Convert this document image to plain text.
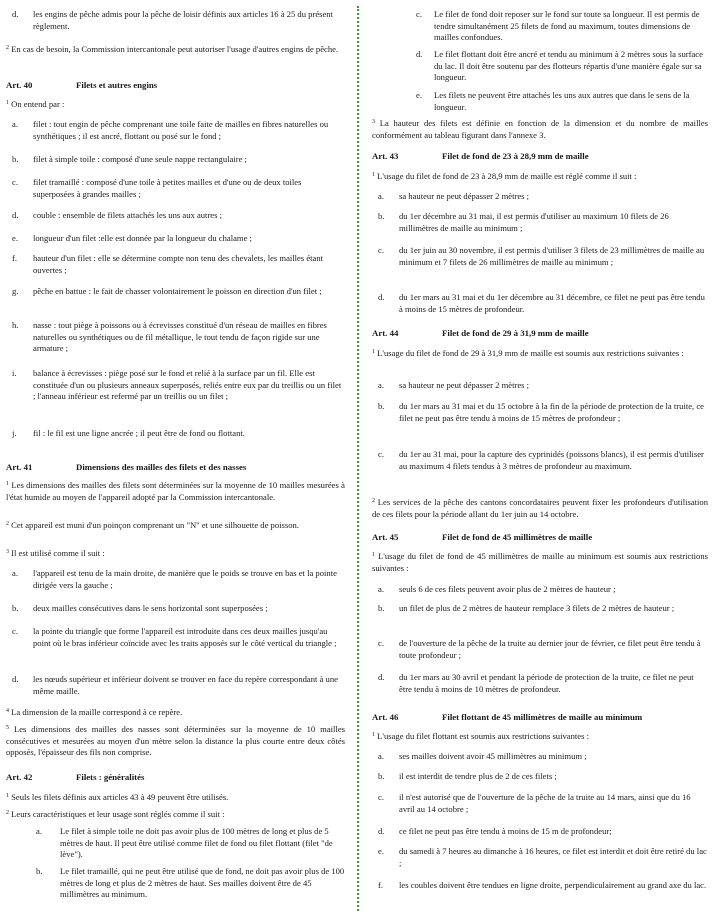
d.	les engins de pêche admis pour la pêche de loisir définis aux articles 16 à 25 du présent règlement.
$^2$ En cas de besoin, la Commission intercantonale peut autoriser l'usage d'autres engins de pêche.
Art. 40	Filets et autres engins
$^1$ On entend par :
a.	filet : tout engin de pêche comprenant une toile faite de mailles en fibres naturelles ou synthétiques ; il est ancré, flottant ou posé sur le fond ;
b.	filet à simple toile : composé d'une seule nappe rectangulaire ;
c.	filet tramaillé : composé d'une toile à petites mailles et d'une ou de deux toiles superposées à grandes mailles ;
d.	couble : ensemble de filets attachés les uns aux autres ;
e.	longueur d'un filet :elle est donnée par la longueur du chalame ;
f.	hauteur d'un filet : elle se détermine compte non tenu des chevalets, les mailles étant ouvertes ;
g.	pêche en battue : le fait de chasser volontairement le poisson en direction d'un filet ;
h.	nasse : tout piège à poissons ou à écrevisses constitué d'un réseau de mailles en fibres naturelles ou synthétiques ou de fil métallique, le tout tendu de façon rigide sur une armature ;
i.	balance à écrevisses : piège posé sur le fond et relié à la surface par un fil. Elle est constituée d'un ou plusieurs anneaux superposés, reliés entre eux par du treillis ou un filet ; l'anneau inférieur est refermé par un treillis ou un filet ;
j.	fil : le fil est une ligne ancrée ; il peut être de fond ou flottant.
Art. 41	Dimensions des mailles des filets et des nasses
$^1$ Les dimensions des mailles des filets sont déterminées sur la moyenne de 10 mailles mesurées à l'état humide au moyen de l'appareil adopté par la Commission intercantonale.
$^2$ Cet appareil est muni d'un poinçon comprenant un "N" et une silhouette de poisson.
$^3$ Il est utilisé comme il suit :
a.	l'appareil est tenu de la main droite, de manière que le poids se trouve en bas et la pointe dirigée vers la gauche ;
b.	deux mailles consécutives dans le sens horizontal sont superposées ;
c.	la pointe du triangle que forme l'appareil est introduite dans ces deux mailles jusqu'au point où le bras inférieur coïncide avec les traits apposés sur le côté vertical du triangle ;
d.	les nœuds supérieur et inférieur doivent se trouver en face du repère correspondant à une même maille.
$^4$ La dimension de la maille correspond à ce repère.
$^5$ Les dimensions des mailles des nasses sont déterminées sur la moyenne de 10 mailles consécutives et mesurées au moyen d'un mètre selon la distance la plus courte entre deux côtés opposés, l'épaisseur des fils non comprise.
Art. 42	Filets : généralités
$^1$ Seuls les filets définis aux articles 43 à 49 peuvent être utilisés.
$^2$ Leurs caractéristiques et leur usage sont réglés comme il suit :
a.	Le filet à simple toile ne doit pas avoir plus de 100 mètres de long et plus de 5 mètres de haut. Il peut être utilisé comme filet de fond ou filet flottant (filet "de lève").
b.	Le filet tramaillé, qui ne peut être utilisé que de fond, ne doit pas avoir plus de 100 mètres de long et plus de 2 mètres de haut. Ses mailles doivent être de 45 millimètres au minimum.
c.	Le filet de fond doit reposer sur le fond sur toute sa longueur. Il est permis de tendre simultanément 25 filets de fond au maximum, toutes dimensions de mailles confondues.
d.	Le filet flottant doit être ancré et tendu au minimum à 2 mètres sous la surface du lac. Il doit être soutenu par des flotteurs répartis d'une manière égale sur sa longueur.
e.	Les filets ne peuvent être attachés les uns aux autres que dans le sens de la longueur.
$^3$ La hauteur des filets est définie en fonction de la dimension et du nombre de mailles conformément au tableau figurant dans l'annexe 3.
Art. 43	Filet de fond de 23 à 28,9 mm de maille
$^1$ L'usage du filet de fond de 23 à 28,9 mm de maille est réglé comme il suit :
a.	sa hauteur ne peut dépasser 2 mètres ;
b.	du 1er décembre au 31 mai, il est permis d'utiliser au maximum 10 filets de 26 millimètres de maille au minimum ;
c.	du 1er juin au 30 novembre, il est permis d'utiliser 3 filets de 23 millimètres de maille au minimum et 7 filets de 26 millimètres de maille au minimum ;
d.	du 1er mars au 31 mai et du 1er décembre au 31 décembre, ce filet ne peut pas être tendu à moins de 15 mètres de profondeur.
Art. 44	Filet de fond de 29 à 31,9 mm de maille
$^1$ L'usage du filet de fond de 29 à 31,9 mm de maille est soumis aux restrictions suivantes :
a.	sa hauteur ne peut dépasser 2 mètres ;
b.	du 1er mars au 31 mai et du 15 octobre à la fin de la période de protection de la truite, ce filet ne peut pas être tendu à moins de 15 mètres de profondeur ;
c.	du 1er au 31 mai, pour la capture des cyprinidés (poissons blancs), il est permis d'utiliser au maximum 4 filets tendus à 3 mètres de profondeur au maximum.
$^2$ Les services de la pêche des cantons concordataires peuvent fixer les profondeurs d'utilisation de ces filets pour la période allant du 1er juin au 14 octobre.
Art. 45	Filet de fond de 45 millimètres de maille
$^1$ L'usage du filet de fond de 45 millimètres de maille au minimum est soumis aux restrictions suivantes :
a.	seuls 6 de ces filets peuvent avoir plus de 2 mètres de hauteur ;
b.	un filet de plus de 2 mètres de hauteur remplace 3 filets de 2 mètres de hauteur ;
c.	de l'ouverture de la pêche de la truite au dernier jour de février, ce filet peut être tendu à toute profondeur ;
d.	du 1er mars au 30 avril et pendant la période de protection de la truite, ce filet ne peut être tendu à moins de 10 mètres de profondeur.
Art. 46	Filet flottant de 45 millimètres de maille au minimum
$^1$ L'usage du filet flottant est soumis aux restrictions suivantes :
a.	ses mailles doivent avoir 45 millimètres au minimum ;
b.	il est interdit de tendre plus de 2 de ces filets ;
c.	il n'est autorisé que de l'ouverture de la pêche de la truite au 14 mars, ainsi que du 16 avril au 14 octobre ;
d.	ce filet ne peut pas être tendu à moins de 15 m de profondeur;
e.	du samedi à 7 heures au dimanche à 16 heures, ce filet est interdit et doit être retiré du lac ;
f.	les coubles doivent être tendues en ligne droite, perpendiculairement au grand axe du lac.
